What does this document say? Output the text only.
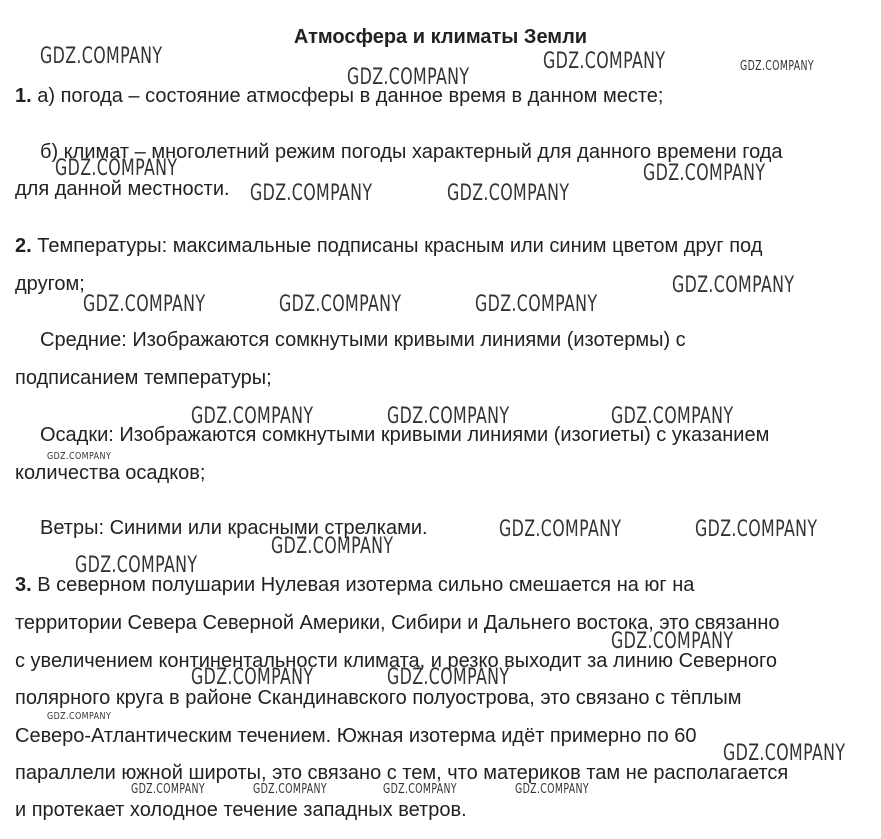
Атмосфера и климаты Земли
1. а) погода – состояние атмосферы в данное время в данном месте;
б) климат – многолетний режим погоды характерный для данного времени года
для данной местности.
2. Температуры: максимальные подписаны красным или синим цветом друг под
другом;
Средние: Изображаются сомкнутыми кривыми линиями (изотермы) с
подписанием температуры;
Осадки: Изображаются сомкнутыми кривыми линиями (изогиеты) с указанием
количества осадков;
Ветры: Синими или красными стрелками.
3. В северном полушарии Нулевая изотерма сильно смешается на юг на
территории Севера Северной Америки, Сибири и Дальнего востока, это связанно
с увеличением континентальности климата, и резко выходит за линию Северного
полярного круга в районе Скандинавского полуострова, это связано с тёплым
Северо-Атлантическим течением. Южная изотерма идёт примерно по 60
параллели южной широты, это связано с тем, что материков там не располагается
и протекает холодное течение западных ветров.
GDZ.COMPANY
GDZ.COMPANY
GDZ.COMPANY	GDZ.COMPANY
GDZ.COMPANY
GDZ.COMPANY	GDZ.COMPANY
GDZ.COMPANY
GDZ.COMPANY
GDZ.COMPANY	GDZ.COMPANY	GDZ.COMPANY
GDZ.COMPANY	GDZ.COMPANY	GDZ.COMPANY
GDZ.COMPANY
GDZ.COMPANY	GDZ.COMPANY
GDZ.COMPANY
GDZ.COMPANY
GDZ.COMPANY
GDZ.COMPANY	GDZ.COMPANY
GDZ.COMPANY
GDZ.COMPANY
GDZ.COMPANY	GDZ.COMPANY	GDZ.COMPANY	GDZ.COMPANY
